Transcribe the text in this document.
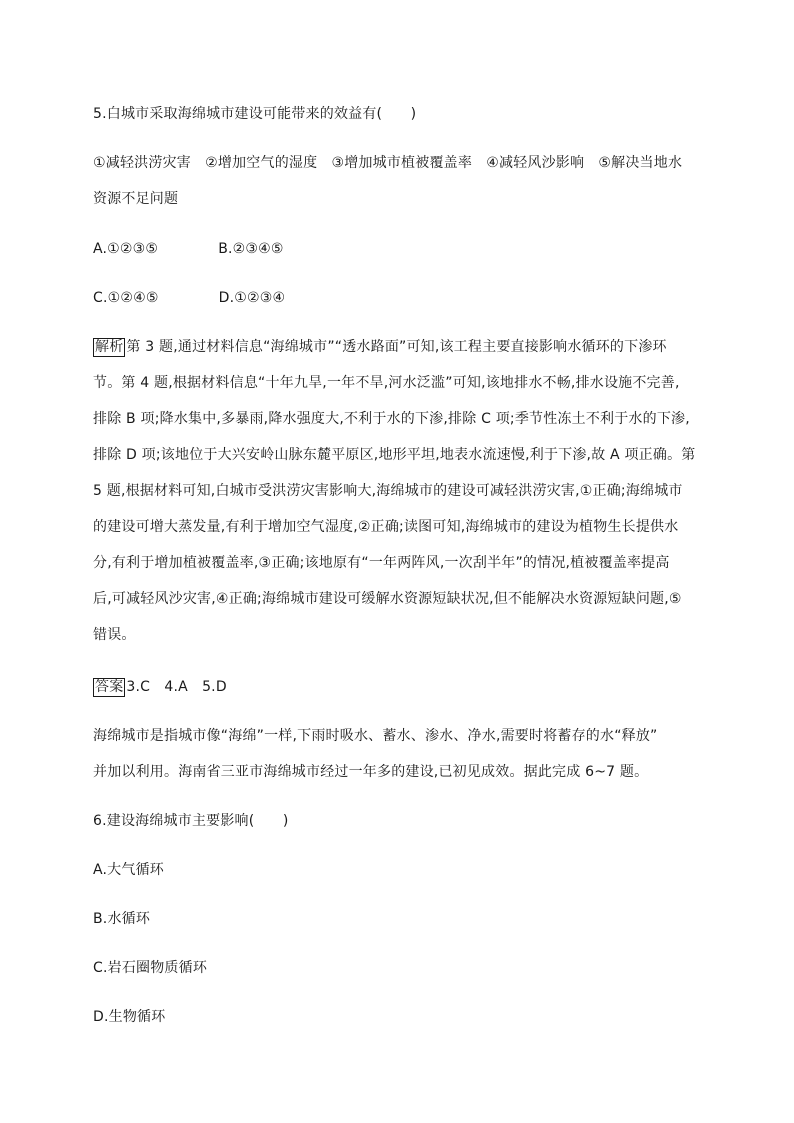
5.白城市采取海绵城市建设可能带来的效益有(　　)
①减轻洪涝灾害　②增加空气的湿度　③增加城市植被覆盖率　④减轻风沙影响　⑤解决当地水
资源不足问题
A.①②③⑤	B.②③④⑤
C.①②④⑤	D.①②③④
解析 第 3 题,通过材料信息“海绵城市”“透水路面”可知,该工程主要直接影响水循环的下渗环
节。第 4 题,根据材料信息“十年九旱,一年不旱,河水泛滥”可知,该地排水不畅,排水设施不完善,
排除 B 项;降水集中,多暴雨,降水强度大,不利于水的下渗,排除 C 项;季节性冻土不利于水的下渗,
排除 D 项;该地位于大兴安岭山脉东麓平原区,地形平坦,地表水流速慢,利于下渗,故 A 项正确。第
5 题,根据材料可知,白城市受洪涝灾害影响大,海绵城市的建设可减轻洪涝灾害,①正确;海绵城市
的建设可增大蒸发量,有利于增加空气湿度,②正确;读图可知,海绵城市的建设为植物生长提供水
分,有利于增加植被覆盖率,③正确;该地原有“一年两阵风,一次刮半年”的情况,植被覆盖率提高
后,可减轻风沙灾害,④正确;海绵城市建设可缓解水资源短缺状况,但不能解决水资源短缺问题,⑤
错误。
答案 3.C　4.A　5.D
海绵城市是指城市像“海绵”一样,下雨时吸水、蓄水、渗水、净水,需要时将蓄存的水“释放”
并加以利用。海南省三亚市海绵城市经过一年多的建设,已初见成效。据此完成 6~7 题。
6.建设海绵城市主要影响(　　)
A.大气循环
B.水循环
C.岩石圈物质循环
D.生物循环
